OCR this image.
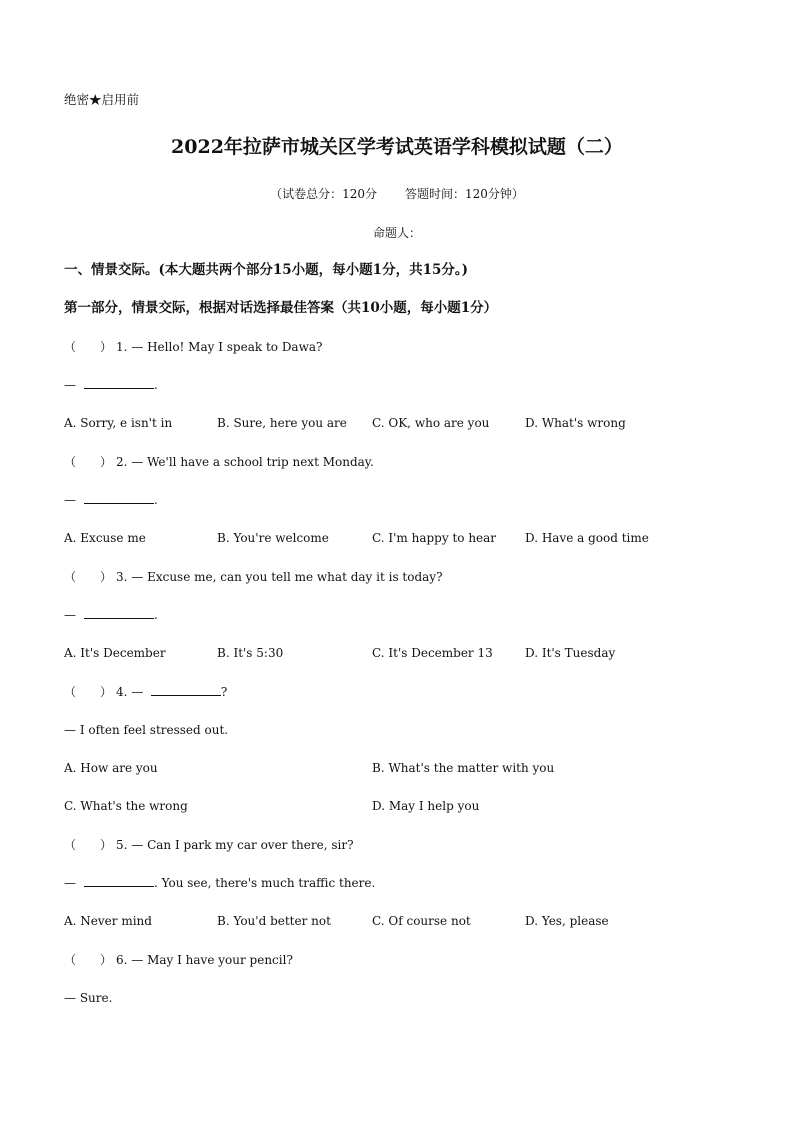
绝密★启用前
2022年拉萨市城关区学考试英语学科模拟试题（二）
（试卷总分：120分 答题时间：120分钟）
命题人：
一、情景交际。(本大题共两个部分15小题，每小题1分，共15分。)
第一部分，情景交际，根据对话选择最佳答案（共10小题，每小题1分）
（　　） 1. — Hello! May I speak to Dawa?
—	.
A. Sorry, e isn't in	B. Sure, here you are C. OK, who are you	D. What's wrong
（　　） 2. — We'll have a school trip next Monday.
—	.
A. Excuse me	B. You're welcome	C. I'm happy to hear D. Have a good time
（　　） 3. — Excuse me, can you tell me what day it is today?
—	.
A. It's December	B. It's 5:30	C. It's December 13	D. It's Tuesday
（　　） 4. —	?
— I often feel stressed out.
A. How are you	B. What's the matter with you
C. What's the wrong	D. May I help you
（　　） 5. — Can I park my car over there, sir?
—	. You see, there's much traffic there.
A. Never mind	B. You'd better not	C. Of course not	D. Yes, please
（　　） 6. — May I have your pencil?
— Sure.
